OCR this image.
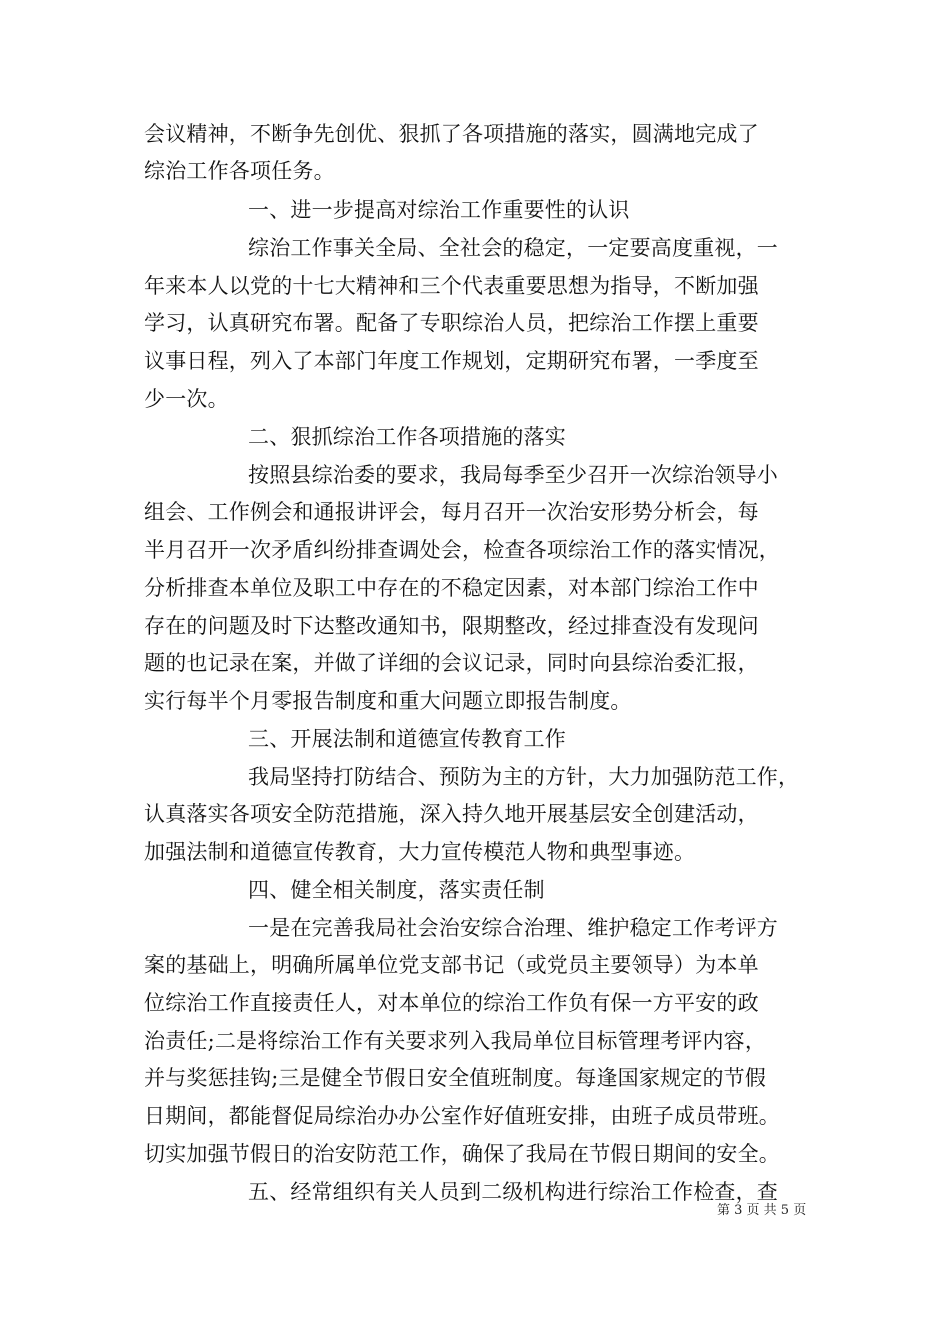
会议精神，不断争先创优、狠抓了各项措施的落实，圆满地完成了
综治工作各项任务。
一、进一步提高对综治工作重要性的认识
综治工作事关全局、全社会的稳定，一定要高度重视，一
年来本人以党的十七大精神和三个代表重要思想为指导，不断加强
学习，认真研究布署。配备了专职综治人员，把综治工作摆上重要
议事日程，列入了本部门年度工作规划，定期研究布署，一季度至
少一次。
二、狠抓综治工作各项措施的落实
按照县综治委的要求，我局每季至少召开一次综治领导小
组会、工作例会和通报讲评会，每月召开一次治安形势分析会，每
半月召开一次矛盾纠纷排查调处会，检查各项综治工作的落实情况，
分析排查本单位及职工中存在的不稳定因素，对本部门综治工作中
存在的问题及时下达整改通知书，限期整改，经过排查没有发现问
题的也记录在案，并做了详细的会议记录，同时向县综治委汇报，
实行每半个月零报告制度和重大问题立即报告制度。
三、开展法制和道德宣传教育工作
我局坚持打防结合、预防为主的方针，大力加强防范工作，
认真落实各项安全防范措施，深入持久地开展基层安全创建活动，
加强法制和道德宣传教育，大力宣传模范人物和典型事迹。
四、健全相关制度，落实责任制
一是在完善我局社会治安综合治理、维护稳定工作考评方
案的基础上，明确所属单位党支部书记（或党员主要领导）为本单
位综治工作直接责任人，对本单位的综治工作负有保一方平安的政
治责任;二是将综治工作有关要求列入我局单位目标管理考评内容，
并与奖惩挂钩;三是健全节假日安全值班制度。每逢国家规定的节假
日期间，都能督促局综治办办公室作好值班安排，由班子成员带班。
切实加强节假日的治安防范工作，确保了我局在节假日期间的安全。
五、经常组织有关人员到二级机构进行综治工作检查，查
第 3 页 共 5 页
